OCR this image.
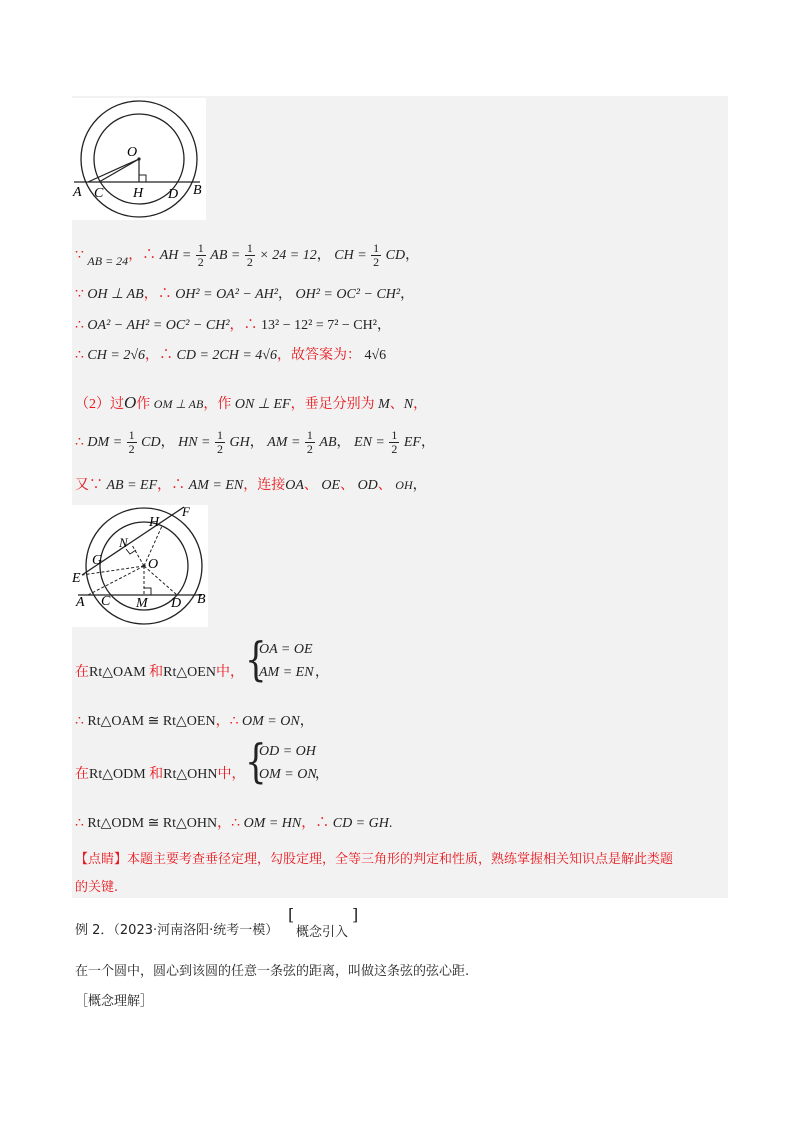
O
A C H D B
∵ AB = 24，∴ AH = $\frac{1}{2}$ AB = $\frac{1}{2} \times 24 = 12$， CH = $\frac{1}{2}$ CD，
∵ OH ⊥ AB，∴ OH² = OA² − AH²， OH² = OC² − CH²，
∴ OA² − AH² = OC² − CH²，∴ 13² − 12² = 7² − CH²，
∴ CH = 2√6，∴ CD = 2CH = 4√6，故答案为： 4√6
（2）过O作 OM ⊥ AB，作 ON ⊥ EF，垂足分别为 M、N，
∴ DM = $\frac{1}{2}$ CD， HN = $\frac{1}{2}$ GH， AM = $\frac{1}{2}$ AB， EN = $\frac{1}{2}$ EF，
又∵ AB = EF，∴ AM = EN，连接OA、 OE、 OD、 OH，
F
H
G
N
O
E
A C M D B
在Rt△OAM 和Rt△OEN中， {
OA = OE
AM = EN ，
∴ Rt△OAM ≅ Rt△OEN，∴ OM = ON，
在Rt△ODM 和Rt△OHN中， {
OD = OH
OM = ON
，
∴ Rt△ODM ≅ Rt△OHN，∴ OM = HN，∴ CD = GH.
【点睛】本题主要考查垂径定理，勾股定理，全等三角形的判定和性质，熟练掌握相关知识点是解此类题
的关键.
例 2．（2023·河南洛阳·统考一模）
[	]
概念引入
在一个圆中，圆心到该圆的任意一条弦的距离，叫做这条弦的弦心距.
［概念理解］
